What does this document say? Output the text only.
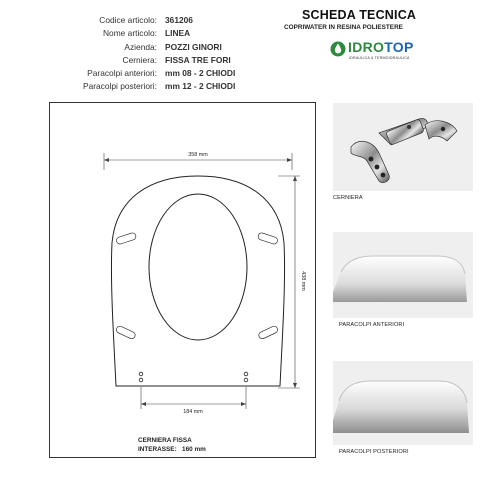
Codice articolo: 361206
Nome articolo: LINEA
Azienda: POZZI GINORI
Cerniera: FISSA TRE FORI
Paracolpi anteriori: mm 08 - 2 CHIODI
Paracolpi posteriori: mm 12 - 2 CHIODI
SCHEDA TECNICA
COPRIWATER IN RESINA POLIESTERE
IDROTOP
IDRAULICA & TERMOIDRAULICA
358 mm
438 mm
184 mm
CERNIERA FISSA
INTERASSE: 160 mm
CERNIERA
PARACOLPI ANTERIORI
PARACOLPI POSTERIORI
